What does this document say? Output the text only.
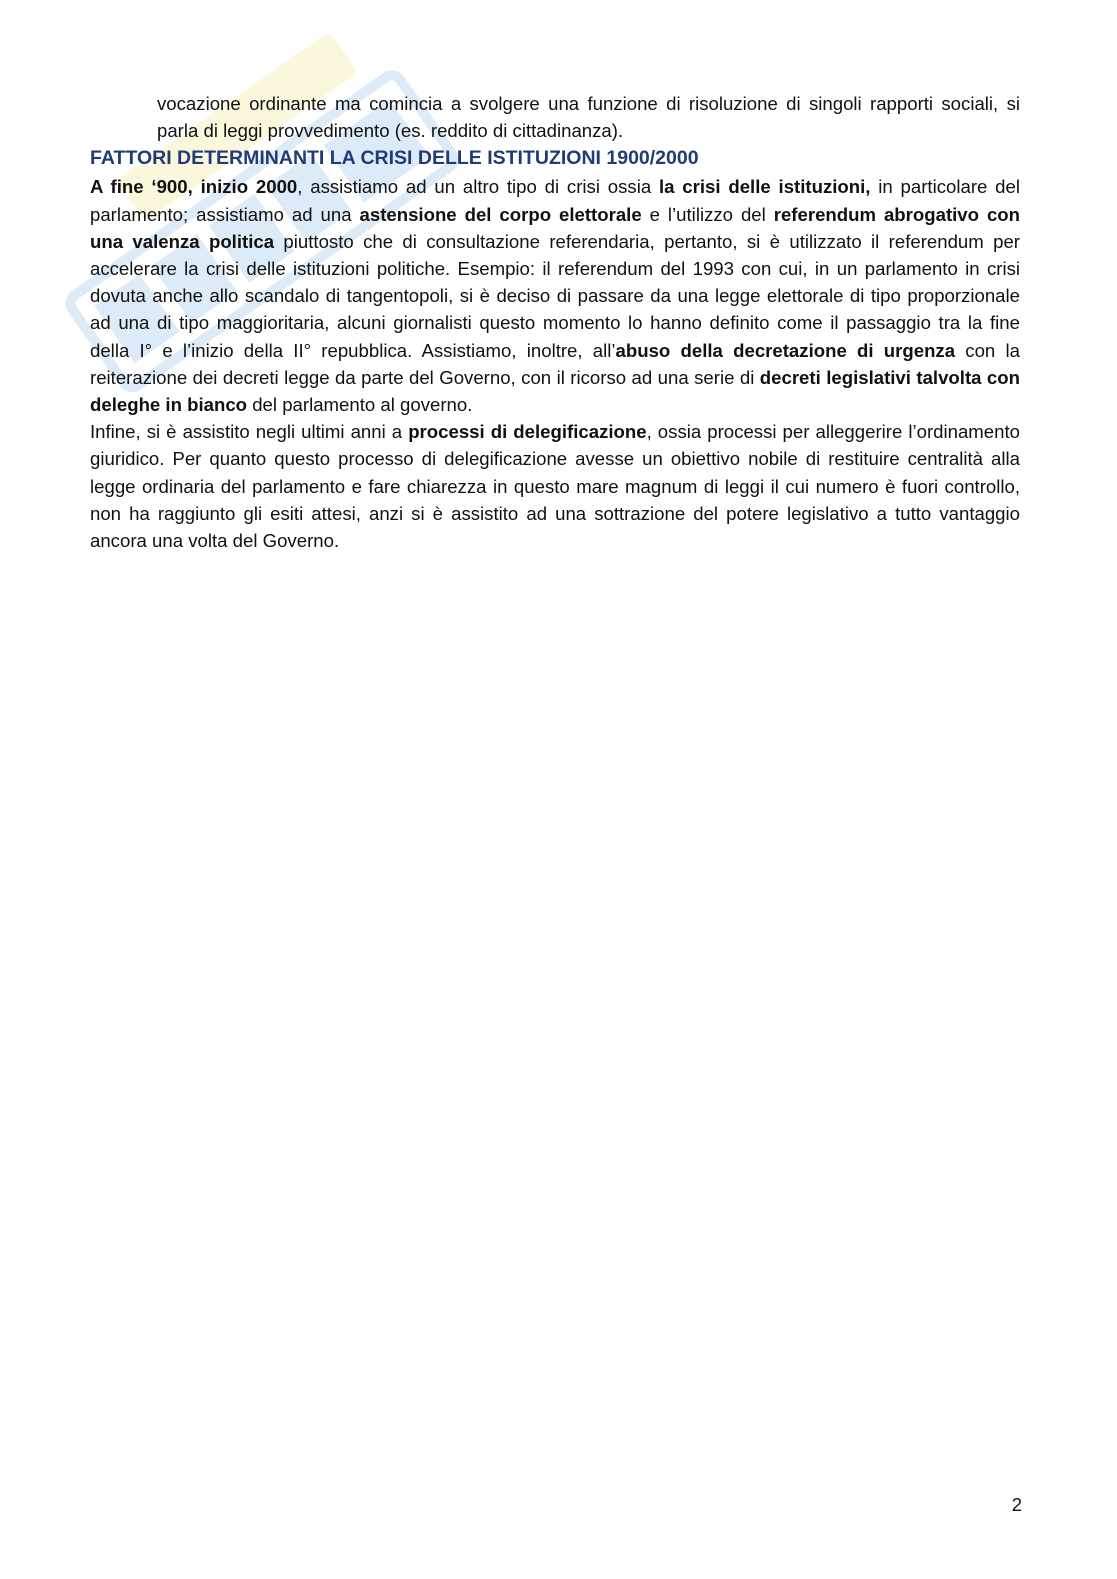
vocazione ordinante ma comincia a svolgere una funzione di risoluzione di singoli rapporti sociali, si parla di leggi provvedimento (es. reddito di cittadinanza).

FATTORI DETERMINANTI LA CRISI DELLE ISTITUZIONI 1900/2000

A fine ‘900, inizio 2000, assistiamo ad un altro tipo di crisi ossia la crisi delle istituzioni, in particolare del parlamento; assistiamo ad una astensione del corpo elettorale e l’utilizzo del referendum abrogativo con una valenza politica piuttosto che di consultazione referendaria, pertanto, si è utilizzato il referendum per accelerare la crisi delle istituzioni politiche. Esempio: il referendum del 1993 con cui, in un parlamento in crisi dovuta anche allo scandalo di tangentopoli, si è deciso di passare da una legge elettorale di tipo proporzionale ad una di tipo maggioritaria, alcuni giornalisti questo momento lo hanno definito come il passaggio tra la fine della I° e l’inizio della II° repubblica. Assistiamo, inoltre, all’abuso della decretazione di urgenza con la reiterazione dei decreti legge da parte del Governo, con il ricorso ad una serie di decreti legislativi talvolta con deleghe in bianco del parlamento al governo.

Infine, si è assistito negli ultimi anni a processi di delegificazione, ossia processi per alleggerire l’ordinamento giuridico. Per quanto questo processo di delegificazione avesse un obiettivo nobile di restituire centralità alla legge ordinaria del parlamento e fare chiarezza in questo mare magnum di leggi il cui numero è fuori controllo, non ha raggiunto gli esiti attesi, anzi si è assistito ad una sottrazione del potere legislativo a tutto vantaggio ancora una volta del Governo.

2
